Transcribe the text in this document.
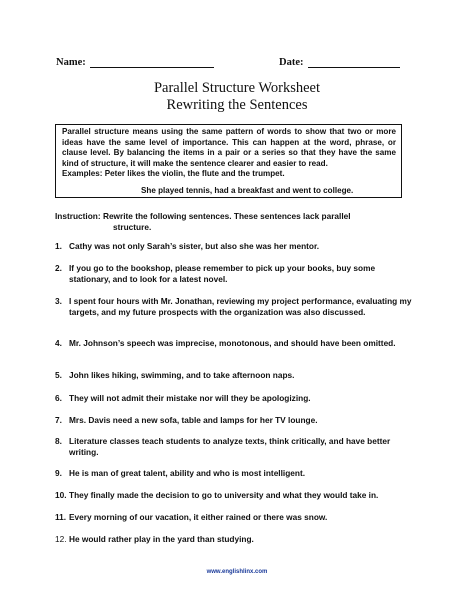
Name:	Date:
Parallel Structure Worksheet
Rewriting the Sentences

Parallel structure means using the same pattern of words to show that two or more ideas have the same level of importance. This can happen at the word, phrase, or clause level. By balancing the items in a pair or a series so that they have the same kind of structure, it will make the sentence clearer and easier to read.

Examples: Peter likes the violin, the flute and the trumpet.

She played tennis, had a breakfast and went to college.

Instruction: Rewrite the following sentences. These sentences lack parallel
structure.
1. Cathy was not only Sarah’s sister, but also she was her mentor.
2. If you go to the bookshop, please remember to pick up your books, buy some stationary, and to look for a latest novel.
3. I spent four hours with Mr. Jonathan, reviewing my project performance, evaluating my targets, and my future prospects with the organization was also discussed.
4. Mr. Johnson’s speech was imprecise, monotonous, and should have been omitted.
5. John likes hiking, swimming, and to take afternoon naps.
6. They will not admit their mistake nor will they be apologizing.
7. Mrs. Davis need a new sofa, table and lamps for her TV lounge.
8. Literature classes teach students to analyze texts, think critically, and have better writing.
9. He is man of great talent, ability and who is most intelligent.
10. They finally made the decision to go to university and what they would take in.
11. Every morning of our vacation, it either rained or there was snow.
12. He would rather play in the yard than studying.
www.englishlinx.com
